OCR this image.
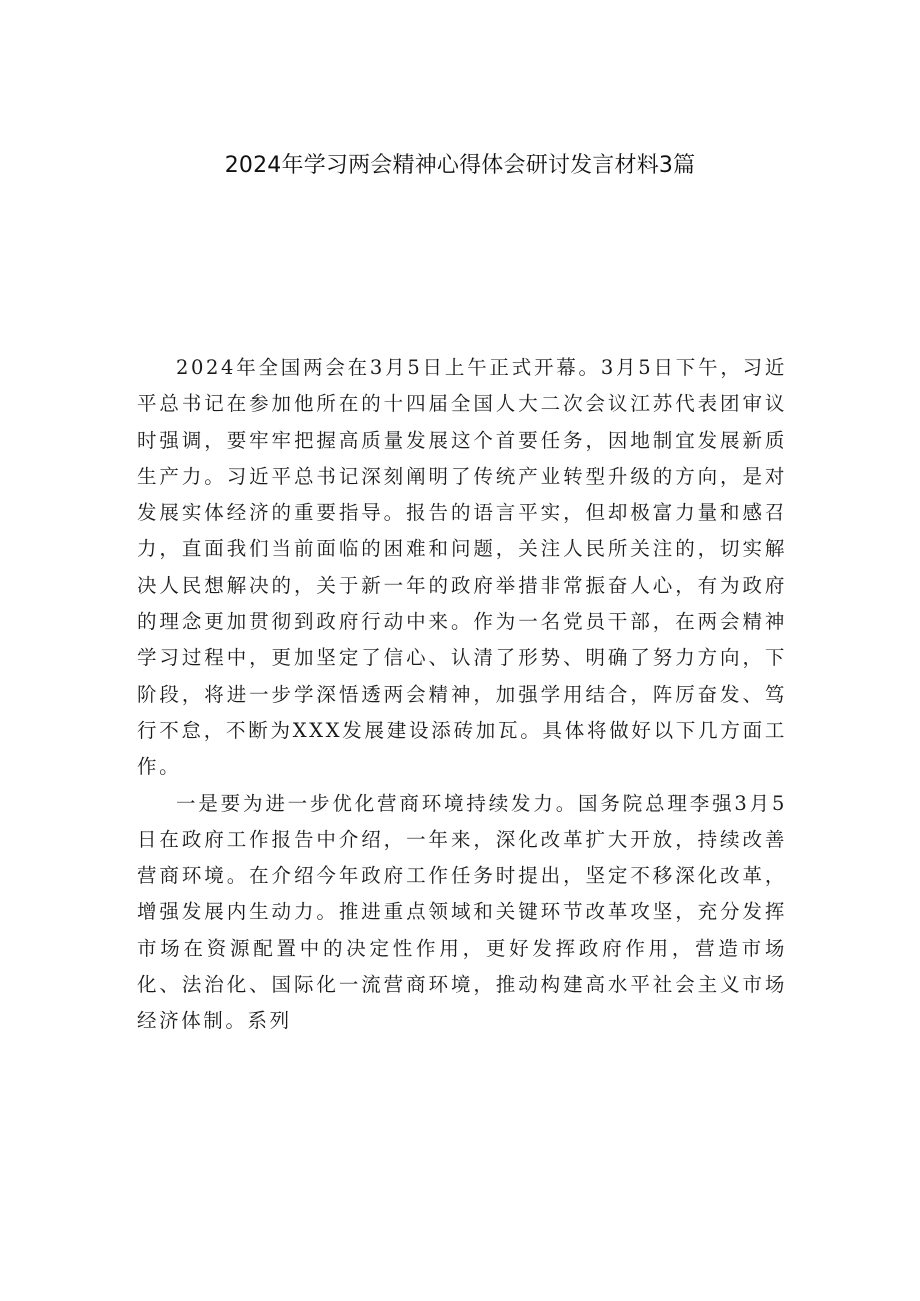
2024年学习两会精神心得体会研讨发言材料3篇

2024年全国两会在3月5日上午正式开幕。3月5日下午，习近平总书记在参加他所在的十四届全国人大二次会议江苏代表团审议时强调，要牢牢把握高质量发展这个首要任务，因地制宜发展新质生产力。习近平总书记深刻阐明了传统产业转型升级的方向，是对发展实体经济的重要指导。报告的语言平实，但却极富力量和感召力，直面我们当前面临的困难和问题，关注人民所关注的，切实解决人民想解决的，关于新一年的政府举措非常振奋人心，有为政府的理念更加贯彻到政府行动中来。作为一名党员干部，在两会精神学习过程中，更加坚定了信心、认清了形势、明确了努力方向，下阶段，将进一步学深悟透两会精神，加强学用结合，阵厉奋发、笃行不怠，不断为XXX发展建设添砖加瓦。具体将做好以下几方面工作。

一是要为进一步优化营商环境持续发力。国务院总理李强3月5日在政府工作报告中介绍，一年来，深化改革扩大开放，持续改善营商环境。在介绍今年政府工作任务时提出，坚定不移深化改革，增强发展内生动力。推进重点领域和关键环节改革攻坚，充分发挥市场在资源配置中的决定性作用，更好发挥政府作用，营造市场化、法治化、国际化一流营商环境，推动构建高水平社会主义市场经济体制。系列
